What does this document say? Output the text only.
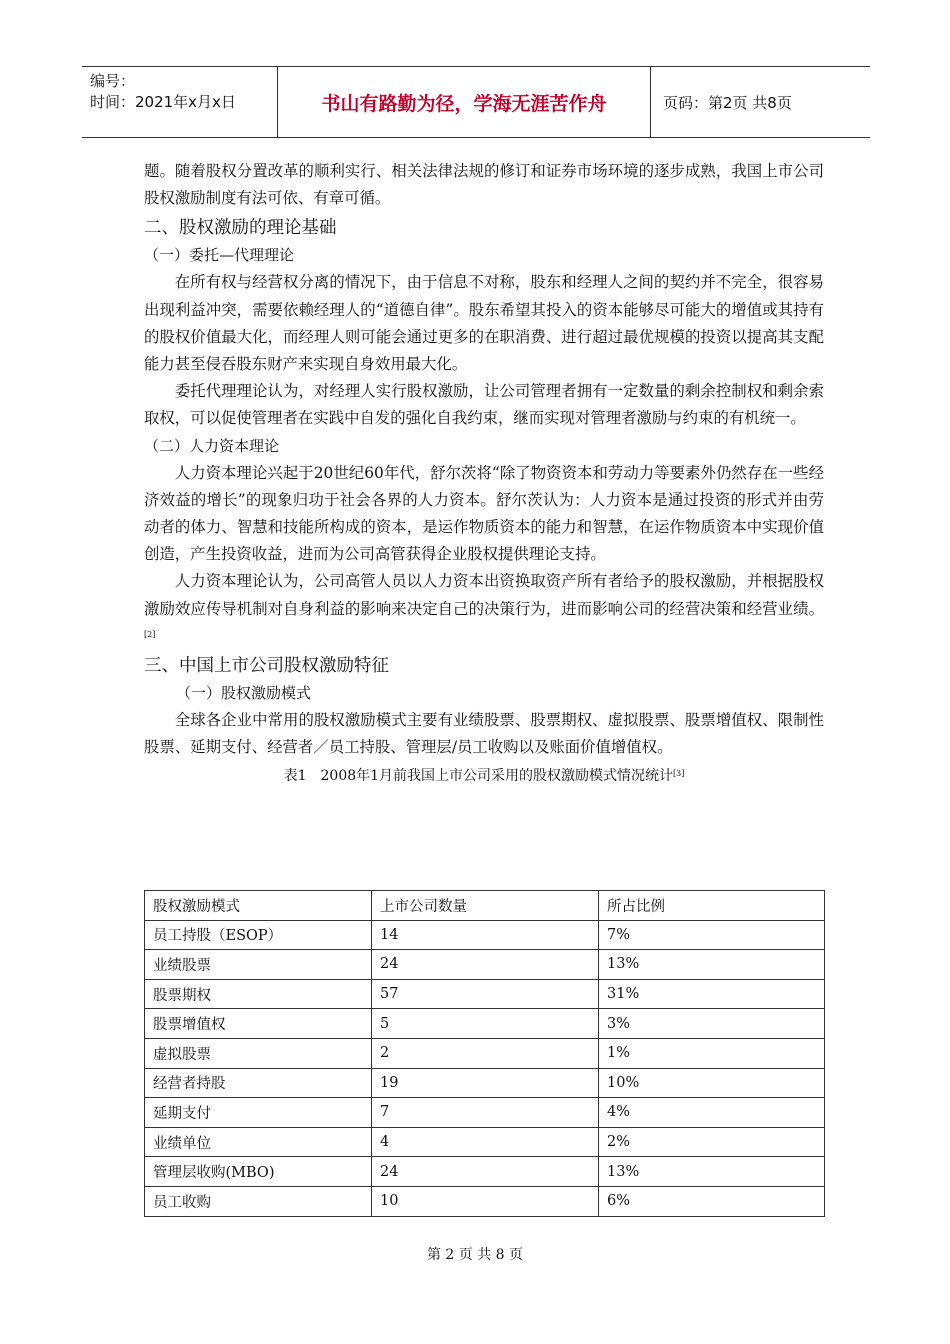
编号：
时间：2021年x月x日	书山有路勤为径，学海无涯苦作舟	页码：第2页 共8页

题。随着股权分置改革的顺利实行、相关法律法规的修订和证券市场环境的逐步成熟，我国上市公司股权激励制度有法可依、有章可循。

二、股权激励的理论基础
（一）委托—代理理论

在所有权与经营权分离的情况下，由于信息不对称，股东和经理人之间的契约并不完全，很容易出现利益冲突，需要依赖经理人的“道德自律”。股东希望其投入的资本能够尽可能大的增值或其持有的股权价值最大化，而经理人则可能会通过更多的在职消费、进行超过最优规模的投资以提高其支配能力甚至侵吞股东财产来实现自身效用最大化。

委托代理理论认为，对经理人实行股权激励，让公司管理者拥有一定数量的剩余控制权和剩余索取权，可以促使管理者在实践中自发的强化自我约束，继而实现对管理者激励与约束的有机统一。

（二）人力资本理论

人力资本理论兴起于20世纪60年代，舒尔茨将“除了物资资本和劳动力等要素外仍然存在一些经济效益的增长”的现象归功于社会各界的人力资本。舒尔茨认为：人力资本是通过投资的形式并由劳动者的体力、智慧和技能所构成的资本，是运作物质资本的能力和智慧，在运作物质资本中实现价值创造，产生投资收益，进而为公司高管获得企业股权提供理论支持。

人力资本理论认为，公司高管人员以人力资本出资换取资产所有者给予的股权激励，并根据股权激励效应传导机制对自身利益的影响来决定自己的决策行为，进而影响公司的经营决策和经营业绩。[2]

三、中国上市公司股权激励特征
（一）股权激励模式

全球各企业中常用的股权激励模式主要有业绩股票、股票期权、虚拟股票、股票增值权、限制性股票、延期支付、经营者／员工持股、管理层/员工收购以及账面价值增值权。

表1　2008年1月前我国上市公司采用的股权激励模式情况统计[3]
股权激励模式	上市公司数量	所占比例
员工持股（ESOP）	14	7%
业绩股票	24	13%
股票期权	57	31%
股票增值权	5	3%
虚拟股票	2	1%
经营者持股	19	10%
延期支付	7	4%
业绩单位	4	2%
管理层收购(MBO)	24	13%
员工收购	10	6%
第 2 页 共 8 页
